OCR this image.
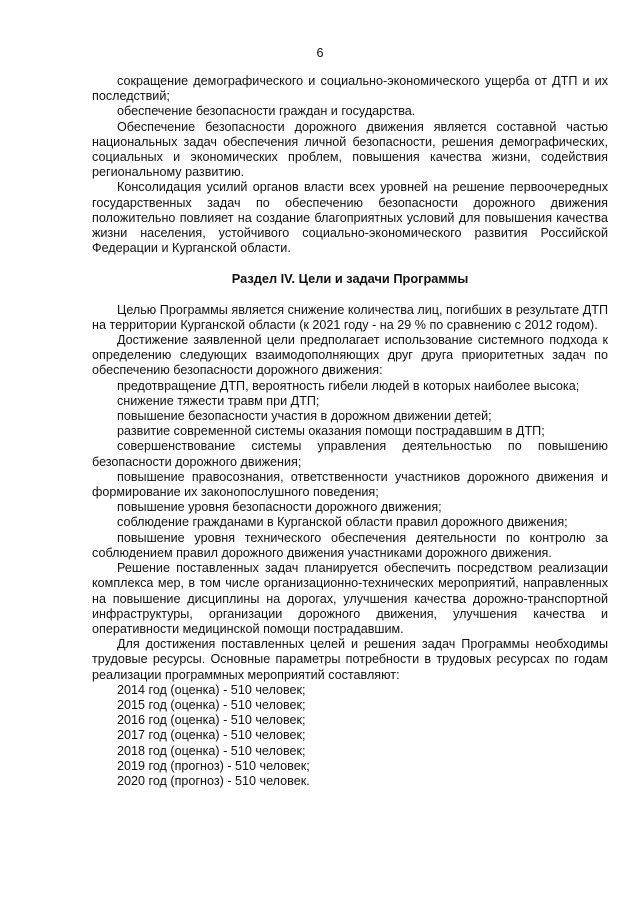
6

сокращение демографического и социально-экономического ущерба от ДТП и их последствий;

обеспечение безопасности граждан и государства.

Обеспечение безопасности дорожного движения является составной частью национальных задач обеспечения личной безопасности, решения демографических, социальных и экономических проблем, повышения качества жизни, содействия региональному развитию.

Консолидация усилий органов власти всех уровней на решение первоочередных государственных задач по обеспечению безопасности дорожного движения положительно повлияет на создание благоприятных условий для повышения качества жизни населения, устойчивого социально-экономического развития Российской Федерации и Курганской области.

Раздел IV. Цели и задачи Программы

Целью Программы является снижение количества лиц, погибших в результате ДТП на территории Курганской области (к 2021 году - на 29 % по сравнению с 2012 годом).

Достижение заявленной цели предполагает использование системного подхода к определению следующих взаимодополняющих друг друга приоритетных задач по обеспечению безопасности дорожного движения:

предотвращение ДТП, вероятность гибели людей в которых наиболее высока;

снижение тяжести травм при ДТП;

повышение безопасности участия в дорожном движении детей;

развитие современной системы оказания помощи пострадавшим в ДТП;

совершенствование системы управления деятельностью по повышению безопасности дорожного движения;

повышение правосознания, ответственности участников дорожного движения и формирование их законопослушного поведения;

повышение уровня безопасности дорожного движения;

соблюдение гражданами в Курганской области правил дорожного движения;

повышение уровня технического обеспечения деятельности по контролю за соблюдением правил дорожного движения участниками дорожного движения.

Решение поставленных задач планируется обеспечить посредством реализации комплекса мер, в том числе организационно-технических мероприятий, направленных на повышение дисциплины на дорогах, улучшения качества дорожно-транспортной инфраструктуры, организации дорожного движения, улучшения качества и оперативности медицинской помощи пострадавшим.

Для достижения поставленных целей и решения задач Программы необходимы трудовые ресурсы. Основные параметры потребности в трудовых ресурсах по годам реализации программных мероприятий составляют:

2014 год (оценка) - 510 человек;

2015 год (оценка) - 510 человек;

2016 год (оценка) - 510 человек;

2017 год (оценка) - 510 человек;

2018 год (оценка) - 510 человек;

2019 год (прогноз) - 510 человек;

2020 год (прогноз) - 510 человек.
